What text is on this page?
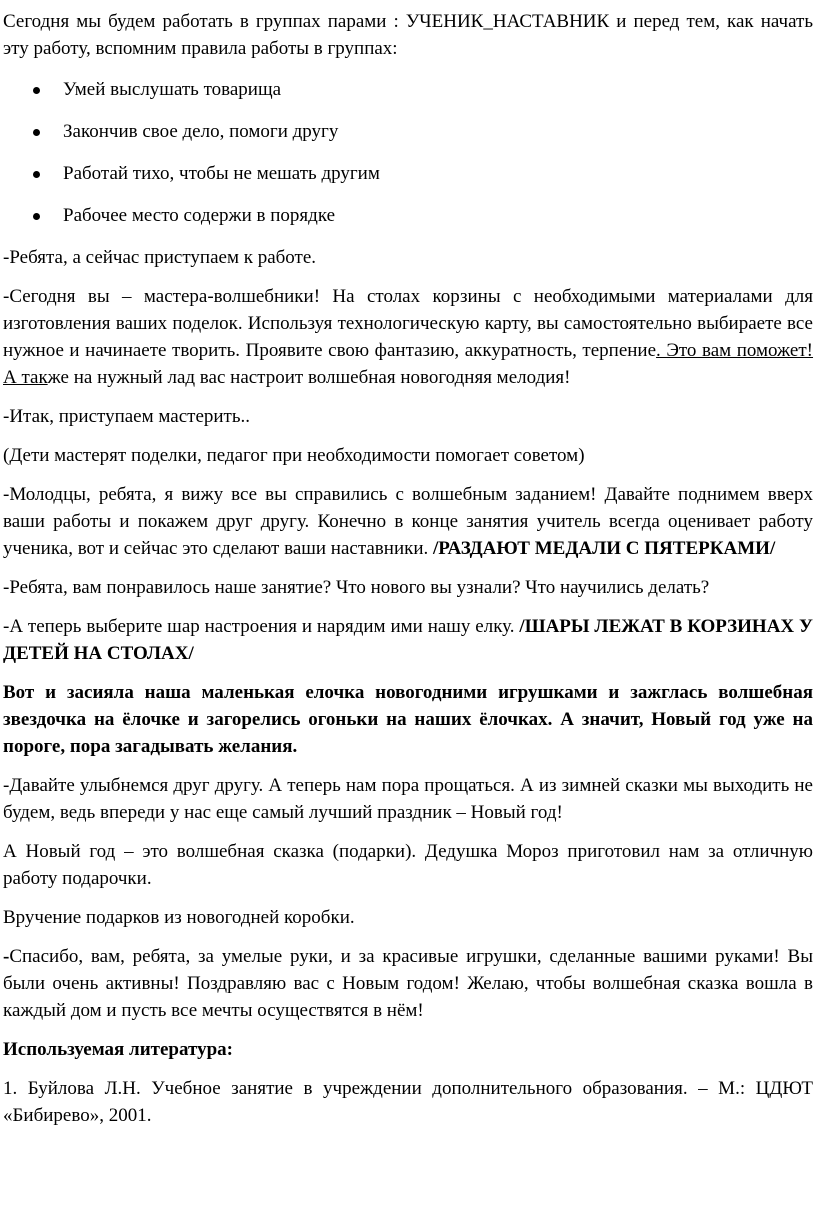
Сегодня мы будем работать в группах парами : УЧЕНИК_НАСТАВНИК и перед тем, как начать эту работу, вспомним правила работы в группах:

Умей выслушать товарища
Закончив свое дело, помоги другу
Работай тихо, чтобы не мешать другим
Рабочее место содержи в порядке

-Ребята, а сейчас приступаем к работе.

-Сегодня вы – мастера-волшебники! На столах корзины с необходимыми материалами для изготовления ваших поделок. Используя технологическую карту, вы самостоятельно выбираете все нужное и начинаете творить. Проявите свою фантазию, аккуратность, терпение. Это вам поможет! А также на нужный лад вас настроит волшебная новогодняя мелодия!

-Итак, приступаем мастерить..

(Дети мастерят поделки, педагог при необходимости помогает советом)

-Молодцы, ребята, я вижу все вы справились с волшебным заданием! Давайте поднимем вверх ваши работы и покажем друг другу. Конечно в конце занятия учитель всегда оценивает работу ученика, вот и сейчас это сделают ваши наставники. /РАЗДАЮТ МЕДАЛИ С ПЯТЕРКАМИ/

-Ребята, вам понравилось наше занятие? Что нового вы узнали? Что научились делать?

-А теперь выберите шар настроения и нарядим ими нашу елку. /ШАРЫ ЛЕЖАТ В КОРЗИНАХ У ДЕТЕЙ НА СТОЛАХ/

Вот и засияла наша маленькая елочка новогодними игрушками и зажглась волшебная звездочка на ёлочке и загорелись огоньки на наших ёлочках. А значит, Новый год уже на пороге, пора загадывать желания.

-Давайте улыбнемся друг другу. А теперь нам пора прощаться. А из зимней сказки мы выходить не будем, ведь впереди у нас еще самый лучший праздник – Новый год!

А Новый год – это волшебная сказка (подарки). Дедушка Мороз приготовил нам за отличную работу подарочки.

Вручение подарков из новогодней коробки.

-Спасибо, вам, ребята, за умелые руки, и за красивые игрушки, сделанные вашими руками! Вы были очень активны! Поздравляю вас с Новым годом! Желаю, чтобы волшебная сказка вошла в каждый дом и пусть все мечты осуществятся в нём!

Используемая литература:

1. Буйлова Л.Н. Учебное занятие в учреждении дополнительного образования. – М.: ЦДЮТ «Бибирево», 2001.
